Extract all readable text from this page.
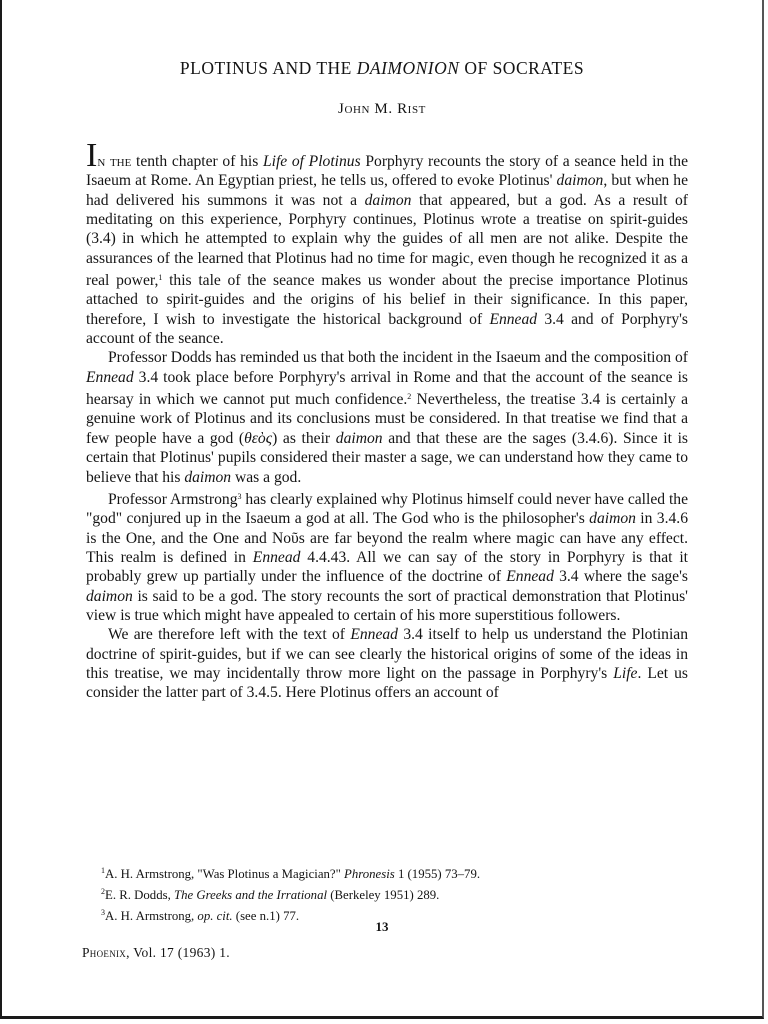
PLOTINUS AND THE DAIMONION OF SOCRATES
John M. Rist

In the tenth chapter of his Life of Plotinus Porphyry recounts the story of a seance held in the Isaeum at Rome. An Egyptian priest, he tells us, offered to evoke Plotinus' daimon, but when he had delivered his summons it was not a daimon that appeared, but a god. As a result of meditating on this experience, Porphyry continues, Plotinus wrote a treatise on spirit-guides (3.4) in which he attempted to explain why the guides of all men are not alike. Despite the assurances of the learned that Plotinus had no time for magic, even though he recognized it as a real power,$^1$ this tale of the seance makes us wonder about the precise importance Plotinus attached to spirit-guides and the origins of his belief in their significance. In this paper, therefore, I wish to investigate the historical background of Ennead 3.4 and of Porphyry's account of the seance.

Professor Dodds has reminded us that both the incident in the Isaeum and the composition of Ennead 3.4 took place before Porphyry's arrival in Rome and that the account of the seance is hearsay in which we cannot put much confidence.$^2$ Nevertheless, the treatise 3.4 is certainly a genuine work of Plotinus and its conclusions must be considered. In that treatise we find that a few people have a god (θεὸς) as their daimon and that these are the sages (3.4.6). Since it is certain that Plotinus' pupils considered their master a sage, we can understand how they came to believe that his daimon was a god.

Professor Armstrong$^3$ has clearly explained why Plotinus himself could never have called the "god" conjured up in the Isaeum a god at all. The God who is the philosopher's daimon in 3.4.6 is the One, and the One and Noῦs are far beyond the realm where magic can have any effect. This realm is defined in Ennead 4.4.43. All we can say of the story in Porphyry is that it probably grew up partially under the influence of the doctrine of Ennead 3.4 where the sage's daimon is said to be a god. The story recounts the sort of practical demonstration that Plotinus' view is true which might have appealed to certain of his more superstitious followers.

We are therefore left with the text of Ennead 3.4 itself to help us understand the Plotinian doctrine of spirit-guides, but if we can see clearly the historical origins of some of the ideas in this treatise, we may incidentally throw more light on the passage in Porphyry's Life. Let us consider the latter part of 3.4.5. Here Plotinus offers an account of

$^1$A. H. Armstrong, "Was Plotinus a Magician?" Phronesis 1 (1955) 73–79.
$^2$E. R. Dodds, The Greeks and the Irrational (Berkeley 1951) 289.
$^3$A. H. Armstrong, op. cit. (see n.1) 77.
13
Phoenix, Vol. 17 (1963) 1.
